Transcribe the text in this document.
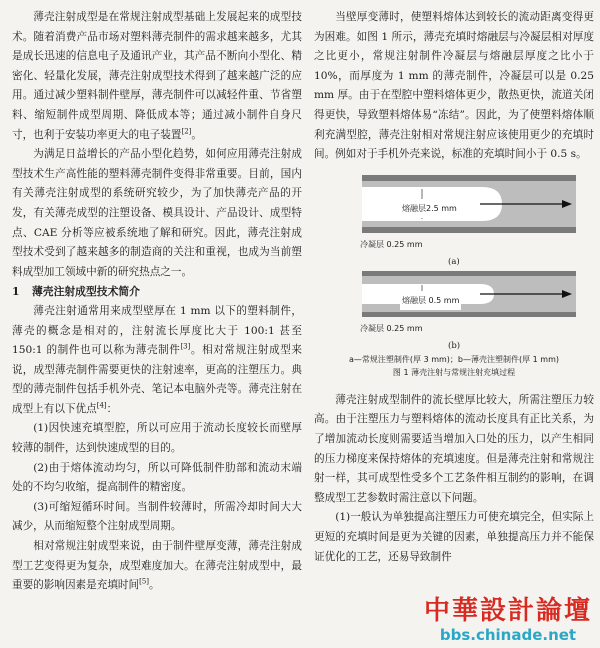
薄壳注射成型是在常规注射成型基础上发展起来的成型技术。随着消费产品市场对塑料薄壳制件的需求越来越多，尤其是成长迅速的信息电子及通讯产业，其产品不断向小型化、精密化、轻量化发展，薄壳注射成型技术得到了越来越广泛的应用。通过减少塑料制件壁厚，薄壳制件可以减轻件重、节省塑料、缩短制件成型周期、降低成本等；通过减小制件自身尺寸，也利于安装功率更大的电子装置[2]。

为满足日益增长的产品小型化趋势，如何应用薄壳注射成型技术生产高性能的塑料薄壳制件变得非常重要。目前，国内有关薄壳注射成型的系统研究较少，为了加快薄壳产品的开发，有关薄壳成型的注塑设备、模具设计、产品设计、成型特点、CAE 分析等应被系统地了解和研究。因此，薄壳注射成型技术受到了越来越多的制造商的关注和重视，也成为当前塑料成型加工领域中新的研究热点之一。

1 薄壳注射成型技术简介

薄壳注射通常用来成型壁厚在 1 mm 以下的塑料制件，薄壳的概念是相对的，注射流长厚度比大于 100:1 甚至 150:1 的制件也可以称为薄壳制件[3]。相对常规注射成型来说，成型薄壳制件需要更快的注射速率，更高的注塑压力。典型的薄壳制件包括手机外壳、笔记本电脑外壳等。薄壳注射在成型上有以下优点[4]：

(1)因快速充填型腔，所以可应用于流动长度较长而壁厚较薄的制件，达到快速成型的目的。

(2)由于熔体流动均匀，所以可降低制件肋部和流动末端处的不均匀收缩，提高制件的精密度。

(3)可缩短循环时间。当制件较薄时，所需冷却时间大大减少，从而缩短整个注射成型周期。

相对常规注射成型来说，由于制件壁厚变薄，薄壳注射成型工艺变得更为复杂，成型难度加大。在薄壳注射成型中，最重要的影响因素是充填时间[5]。

当壁厚变薄时，使塑料熔体达到较长的流动距离变得更为困难。如图 1 所示，薄壳充填时熔融层与冷凝层相对厚度之比更小，常规注射制件冷凝层与熔融层厚度之比小于 10%，而厚度为 1 mm 的薄壳制件，冷凝层可以是 0.25 mm 厚。由于在型腔中塑料熔体更少，散热更快，流道关闭得更快，导致塑料熔体易“冻结”。因此，为了使塑料熔体顺利充满型腔，薄壳注射相对常规注射应该使用更少的充填时间。例如对于手机外壳来说，标准的充填时间小于 0.5 s。

熔融层2.5 mm
冷凝层 0.25 mm
(a)
熔融层 0.5 mm
冷凝层 0.25 mm
(b)
a—常规注塑制件(厚 3 mm)；b—薄壳注塑制件(厚 1 mm)
图 1 薄壳注射与常规注射充填过程

薄壳注射成型制件的流长壁厚比较大，所需注塑压力较高。由于注塑压力与塑料熔体的流动长度具有正比关系，为了增加流动长度则需要适当增加入口处的压力，以产生相同的压力梯度来保持熔体的充填速度。但是薄壳注射和常规注射一样，其可成型性受多个工艺条件相互制约的影响，在调整成型工艺参数时需注意以下问题。

(1)一般认为单独提高注塑压力可使充填完全，但实际上更短的充填时间是更为关键的因素，单独提高压力并不能保证优化的工艺，还易导致制件

中華設計論壇
bbs.chinade.net
